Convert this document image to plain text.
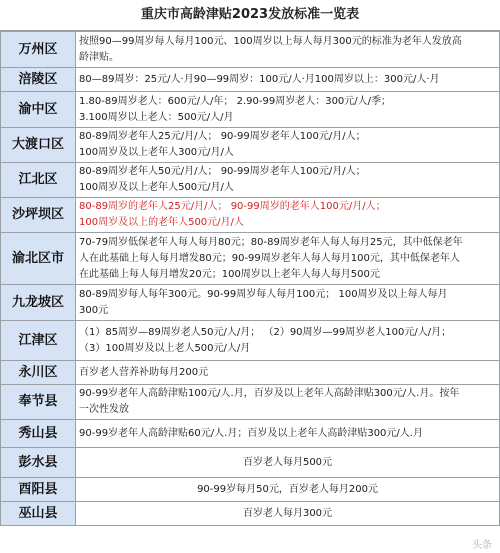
重庆市高龄津贴2023发放标准一览表
万州区	按照90—99周岁每人每月100元、100周岁以上每人每月300元的标准为老年人发放高
龄津贴。

涪陵区	80—89周岁：25元/人·月90—99周岁：100元/人·月100周岁以上：300元/人·月

渝中区	1.80-89周岁老人：600元/人/年； 2.90-99周岁老人：300元/人/季；
3.100周岁以上老人：500元/人/月

大渡口区	80-89周岁老年人25元/月/人； 90-99周岁老年人100元/月/人；
100周岁及以上老年人300元/月/人

江北区	80-89周岁老年人50元/月/人； 90-99周岁老年人100元/月/人；
100周岁及以上老年人500元/月/人

沙坪坝区	80-89周岁的老年人25元/月/人； 90-99周岁的老年人100元/月/人；
100周岁及以上的老年人500元/月/人

渝北区市	70-79周岁低保老年人每人每月80元；80-89周岁老年人每人每月25元，其中低保老年
人在此基础上每人每月增发80元；90-99周岁老年人每人每月100元，其中低保老年人
在此基础上每人每月增发20元；100周岁以上老年人每人每月500元

九龙坡区	80-89周岁每人每年300元。90-99周岁每人每月100元； 100周岁及以上每人每月
300元

江津区	（1）85周岁—89周岁老人50元/人/月； （2）90周岁—99周岁老人100元/人/月；
（3）100周岁及以上老人500元/人/月

永川区	百岁老人营养补助每月200元

奉节县	90-99岁老年人高龄津贴100元/人.月，百岁及以上老年人高龄津贴300元/人.月。按年
一次性发放

秀山县	90-99岁老年人高龄津贴60元/人.月；百岁及以上老年人高龄津贴300元/人.月

彭水县	百岁老人每月500元

酉阳县	90-99岁每月50元，百岁老人每月200元

巫山县	百岁老人每月300元
头条
